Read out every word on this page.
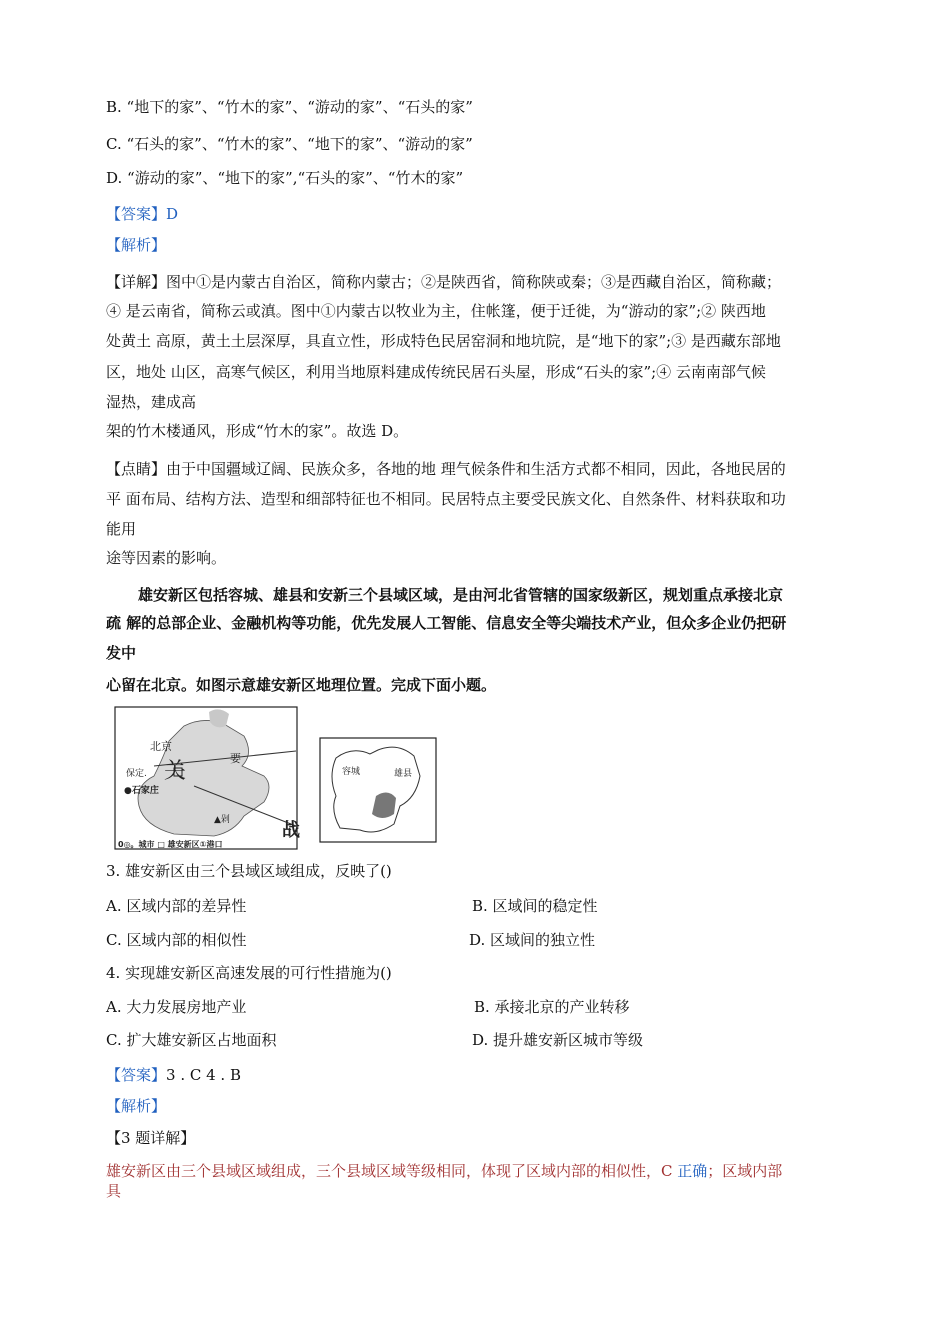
B. “地下的家”、“竹木的家”、“游动的家”、“石头的家”
C. “石头的家”、“竹木的家”、“地下的家”、“游动的家”
D. “游动的家”、“地下的家”,“石头的家”、“竹木的家”
【答案】D
【解析】
【详解】图中①是内蒙古自治区，简称内蒙古；②是陕西省，简称陕或秦；③是西藏自治区，简称藏；
④ 是云南省，简称云或滇。图中①内蒙古以牧业为主，住帐篷，便于迁徙，为“游动的家”;② 陕西地
处黄土 高原，黄土土层深厚，具直立性，形成特色民居窑洞和地坑院，是“地下的家”;③ 是西藏东部地
区，地处 山区，高寒气候区，利用当地原料建成传统民居石头屋，形成“石头的家”;④ 云南南部气候
湿热，建成高
架的竹木楼通风，形成“竹木的家”。故选 D。
【点睛】由于中国疆域辽阔、民族众多，各地的地 理气候条件和生活方式都不相同，因此，各地民居的
平 面布局、结构方法、造型和细部特征也不相同。民居特点主要受民族文化、自然条件、材料获取和功
能用
途等因素的影响。
雄安新区包括容城、雄县和安新三个县域区域，是由河北省管辖的国家级新区，规划重点承接北京
疏 解的总部企业、金融机构等功能，优先发展人工智能、信息安全等尖端技术产业，但众多企业仍把研
发中
心留在北京。如图示意雄安新区地理位置。完成下面小题。
北京
保定.
●石家庄
关
要
战
▲剁
0◎。城市 □ 雄安新区①港口
容城	雄县
3. 雄安新区由三个县域区域组成，反映了()
A. 区域内部的差异性	B. 区域间的稳定性
C. 区域内部的相似性	D. 区域间的独立性
4. 实现雄安新区高速发展的可行性措施为()
A. 大力发展房地产业	B. 承接北京的产业转移
C. 扩大雄安新区占地面积	D. 提升雄安新区城市等级
【答案】3 . C 4 . B
【解析】
【3 题详解】
雄安新区由三个县域区域组成，三个县域区域等级相同，体现了区域内部的相似性，C 正确；区域内部
具
